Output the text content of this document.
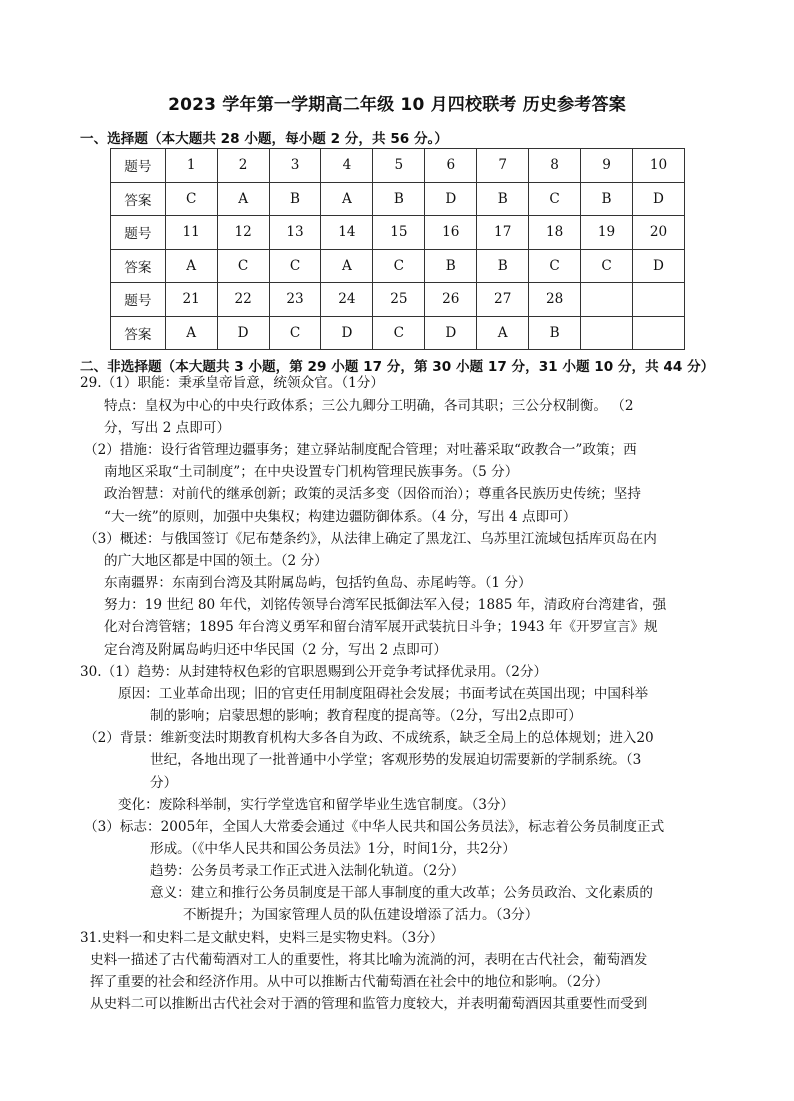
2023 学年第一学期高二年级 10 月四校联考 历史参考答案
一、选择题（本大题共 28 小题，每小题 2 分，共 56 分。）
题号	1	2	3	4	5	6	7	8	9	10
答案	C	A	B	A	B	D	B	C	B	D
题号	11	12	13	14	15	16	17	18	19	20
答案	A	C	C	A	C	B	B	C	C	D
题号	21	22	23	24	25	26	27	28		
答案	A	D	C	D	C	D	A	B		
二、非选择题（本大题共 3 小题，第 29 小题 17 分，第 30 小题 17 分，31 小题 10 分，共 44 分）
29.（1）职能：秉承皇帝旨意，统领众官。（1分）
特点：皇权为中心的中央行政体系；三公九卿分工明确，各司其职；三公分权制衡。 （2
分，写出 2 点即可）
（2）措施：设行省管理边疆事务；建立驿站制度配合管理；对吐蕃采取“政教合一”政策；西
南地区采取“土司制度”；在中央设置专门机构管理民族事务。（5 分）
政治智慧：对前代的继承创新；政策的灵活多变（因俗而治）；尊重各民族历史传统；坚持
“大一统”的原则，加强中央集权；构建边疆防御体系。（4 分，写出 4 点即可）
（3）概述：与俄国签订《尼布楚条约》，从法律上确定了黑龙江、乌苏里江流域包括库页岛在内
的广大地区都是中国的领土。（2 分）
东南疆界：东南到台湾及其附属岛屿，包括钓鱼岛、赤尾屿等。（1 分）
努力：19 世纪 80 年代，刘铭传领导台湾军民抵御法军入侵；1885 年，清政府台湾建省，强
化对台湾管辖；1895 年台湾义勇军和留台清军展开武装抗日斗争；1943 年《开罗宣言》规
定台湾及附属岛屿归还中华民国（2 分，写出 2 点即可）
30.（1）趋势：从封建特权色彩的官职恩赐到公开竞争考试择优录用。（2分）
原因：工业革命出现；旧的官吏任用制度阻碍社会发展；书面考试在英国出现；中国科举
制的影响；启蒙思想的影响；教育程度的提高等。（2分，写出2点即可）
（2）背景：维新变法时期教育机构大多各自为政、不成统系，缺乏全局上的总体规划；进入20
世纪，各地出现了一批普通中小学堂；客观形势的发展迫切需要新的学制系统。（3
分）
变化：废除科举制，实行学堂选官和留学毕业生选官制度。（3分）
（3）标志：2005年，全国人大常委会通过《中华人民共和国公务员法》，标志着公务员制度正式
形成。（《中华人民共和国公务员法》1分，时间1分，共2分）
趋势：公务员考录工作正式进入法制化轨道。（2分）
意义：建立和推行公务员制度是干部人事制度的重大改革；公务员政治、文化素质的
不断提升；为国家管理人员的队伍建设增添了活力。（3分）
31.史料一和史料二是文献史料，史料三是实物史料。（3分）
史料一描述了古代葡萄酒对工人的重要性，将其比喻为流淌的河，表明在古代社会，葡萄酒发
挥了重要的社会和经济作用。从中可以推断古代葡萄酒在社会中的地位和影响。（2分）
从史料二可以推断出古代社会对于酒的管理和监管力度较大，并表明葡萄酒因其重要性而受到
